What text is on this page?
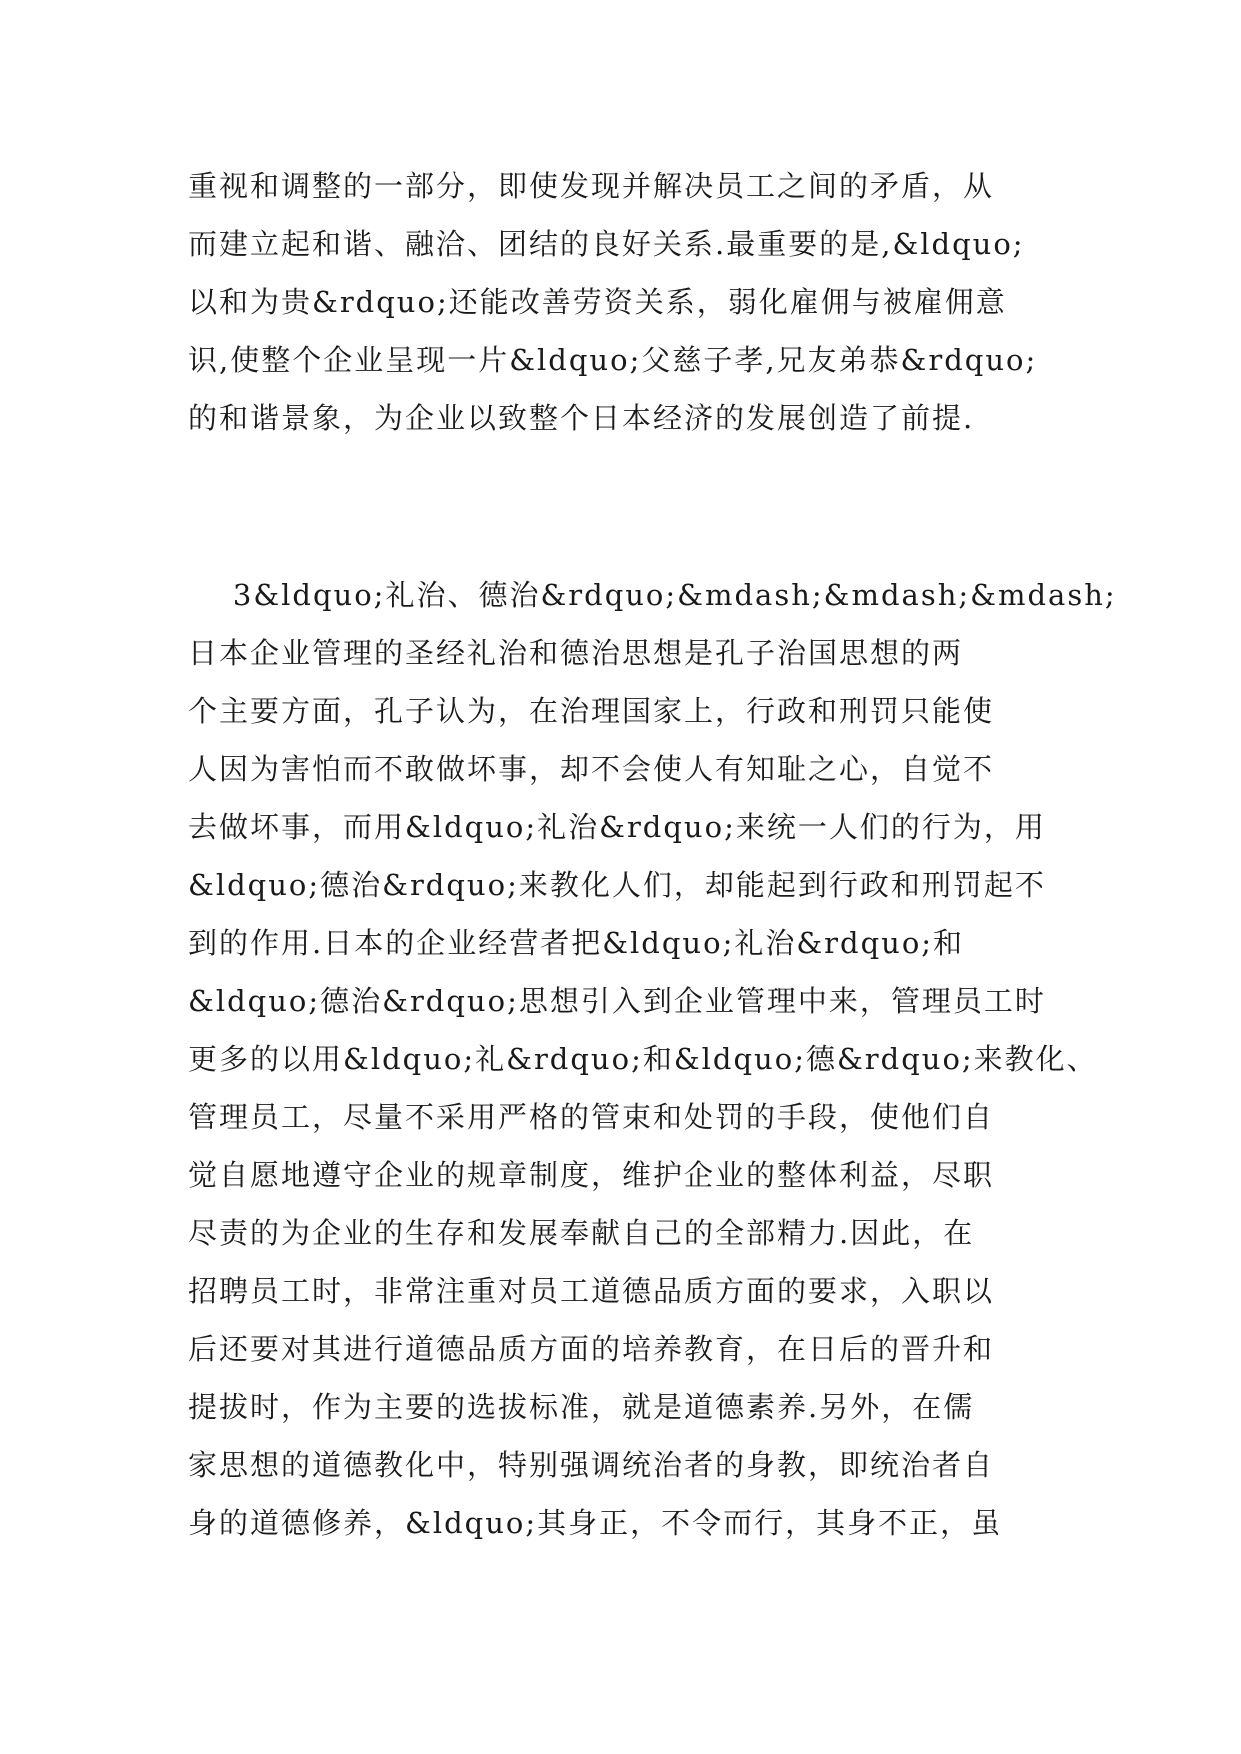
重视和调整的一部分，即使发现并解决员工之间的矛盾，从
而建立起和谐、融洽、团结的良好关系.最重要的是,&ldquo;
以和为贵&rdquo;还能改善劳资关系，弱化雇佣与被雇佣意
识,使整个企业呈现一片&ldquo;父慈子孝,兄友弟恭&rdquo;
的和谐景象，为企业以致整个日本经济的发展创造了前提.
3&ldquo;礼治、德治&rdquo;&mdash;&mdash;&mdash;
日本企业管理的圣经礼治和德治思想是孔子治国思想的两
个主要方面，孔子认为，在治理国家上，行政和刑罚只能使
人因为害怕而不敢做坏事，却不会使人有知耻之心，自觉不
去做坏事，而用&ldquo;礼治&rdquo;来统一人们的行为，用
&ldquo;德治&rdquo;来教化人们，却能起到行政和刑罚起不
到的作用.日本的企业经营者把&ldquo;礼治&rdquo;和
&ldquo;德治&rdquo;思想引入到企业管理中来，管理员工时
更多的以用&ldquo;礼&rdquo;和&ldquo;德&rdquo;来教化、
管理员工，尽量不采用严格的管束和处罚的手段，使他们自
觉自愿地遵守企业的规章制度，维护企业的整体利益，尽职
尽责的为企业的生存和发展奉献自己的全部精力.因此，在
招聘员工时，非常注重对员工道德品质方面的要求，入职以
后还要对其进行道德品质方面的培养教育，在日后的晋升和
提拔时，作为主要的选拔标准，就是道德素养.另外，在儒
家思想的道德教化中，特别强调统治者的身教，即统治者自
身的道德修养，&ldquo;其身正，不令而行，其身不正，虽
